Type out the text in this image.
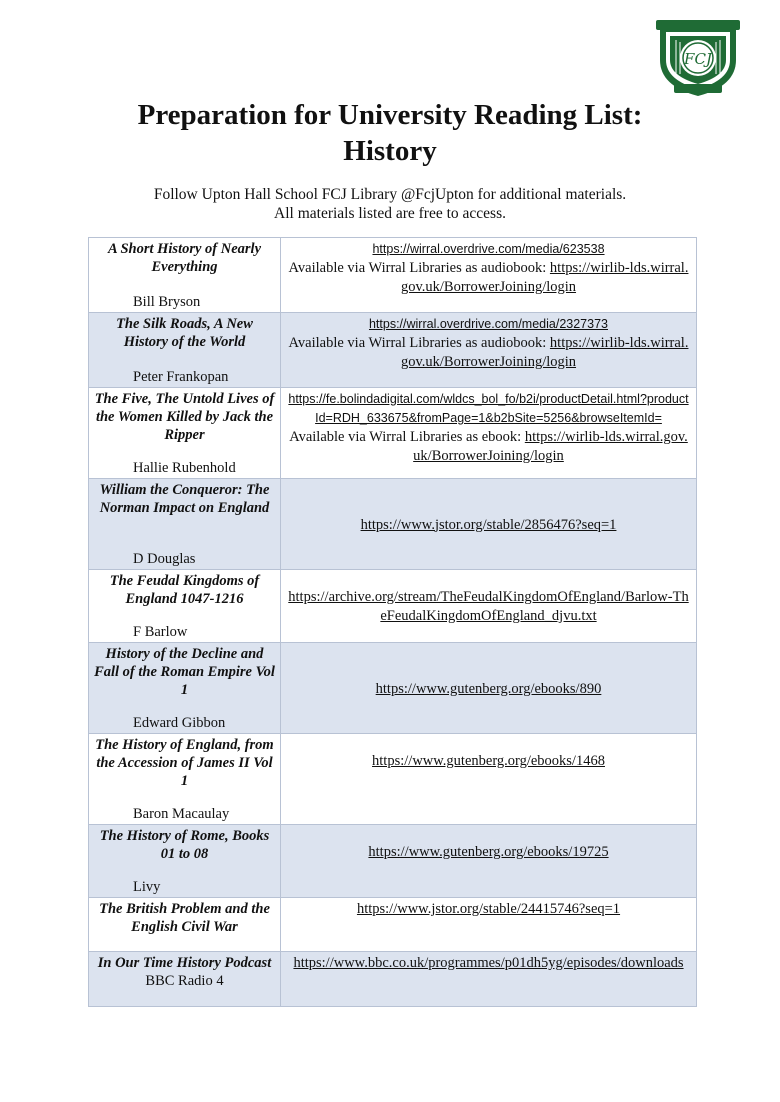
FCJ
Preparation for University Reading List:
History
Follow Upton Hall School FCJ Library @FcjUpton for additional materials.
All materials listed are free to access.
A Short History of Nearly Everything
Bill Bryson	https://wirral.overdrive.com/media/623538
Available via Wirral Libraries as audiobook: https://wirlib-lds.wirral.gov.uk/BorrowerJoining/login

The Silk Roads, A New History of the World
Peter Frankopan	https://wirral.overdrive.com/media/2327373
Available via Wirral Libraries as audiobook: https://wirlib-lds.wirral.gov.uk/BorrowerJoining/login

The Five, The Untold Lives of the Women Killed by Jack the Ripper
Hallie Rubenhold	https://fe.bolindadigital.com/wldcs_bol_fo/b2i/productDetail.html?productId=RDH_633675&fromPage=1&b2bSite=5256&browseItemId=
Available via Wirral Libraries as ebook: https://wirlib-lds.wirral.gov.uk/BorrowerJoining/login

William the Conqueror: The Norman Impact on England
D Douglas	https://www.jstor.org/stable/2856476?seq=1

The Feudal Kingdoms of England 1047-1216
F Barlow	https://archive.org/stream/TheFeudalKingdomOfEngland/Barlow-TheFeudalKingdomOfEngland_djvu.txt

History of the Decline and Fall of the Roman Empire Vol 1
Edward Gibbon	https://www.gutenberg.org/ebooks/890

The History of England, from the Accession of James II Vol 1
Baron Macaulay	https://www.gutenberg.org/ebooks/1468

The History of Rome, Books 01 to 08
Livy	https://www.gutenberg.org/ebooks/19725

The British Problem and the English Civil War	https://www.jstor.org/stable/24415746?seq=1

In Our Time History Podcast
BBC Radio 4	https://www.bbc.co.uk/programmes/p01dh5yg/episodes/downloads
